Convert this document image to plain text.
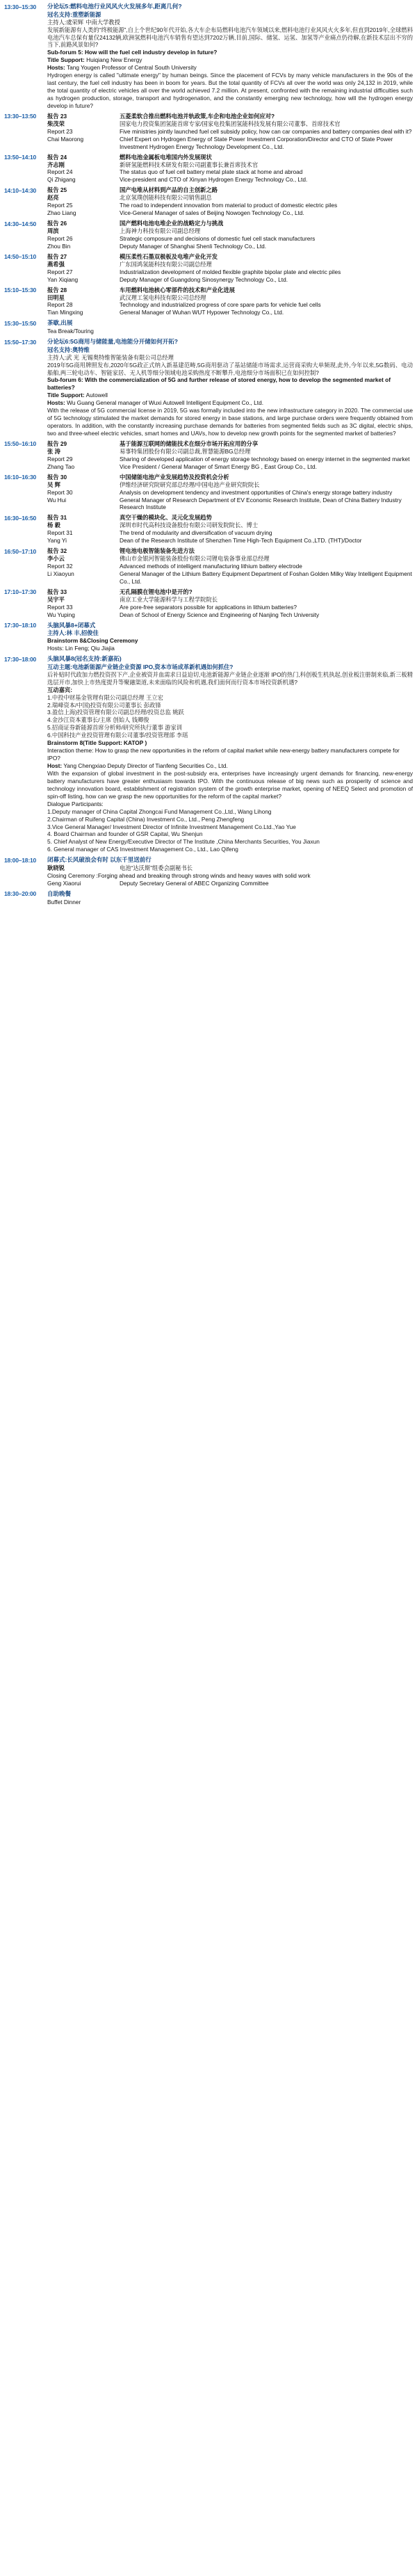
13:30–15:30	分论坛5:燃料电池行业风风火火发展多年,距离几何?
冠名支持:重塑新能源
主持人:虞荣辉 中南大学教授
发展新能源有人类的“终极能源”,自上个世纪90年代开始,各大车企布局燃料电池汽车领域以来,燃料电池行业风风火火多年,但直到2019年,全球燃料电池汽车总保有量仅24132辆,欧洲氢燃料电池汽车销售有望达到7202万辆,目前,国际、储氢、运氢、加氢等产业痛点仍待解,在新技术层出不穷的当下,前路风景如何?
Sub-forum 5: How will the fuel cell industry develop in future?
Title Support: Huiqiang New Energy
Hosts: Tang Yougen Professor of Central South University
Hydrogen energy is called "ultimate energy" by human beings. Since the placement of FCVs by many vehicle manufacturers in the 90s of the last century, the fuel cell industry has been in boom for years. But the total quantity of FCVs all over the world was only 24,132 in 2019, while the total quantity of electric vehicles all over the world achieved 7.2 million. At present, confronted with the remaining industrial difficulties such as hydrogen production, storage, transport and hydrogenation, and the constantly emerging new technology, how will the hydrogen energy develop in future?
13:30–13:50	报告 23	五菱柔软合推出燃料电池并轨政策,车企和电池企业如何应对?
柴茂荣	国家电力投资集团氢能首席专家/国家电投集团氢能科技发展有限公司董事、首席技术官
Report 23	Five ministries jointly launched fuel cell subsidy policy, how can car companies and battery companies deal with it?
Chai Maorong	Chief Expert on Hydrogen Energy of State Power Investment Corporation/Director and CTO of State Power Investment Hydrogen Energy Technology Development Co., Ltd.
13:50–14:10	报告 24	燃料电池金属板电堆国内外发展现状
齐志刚	新研氢能燃料技术研发有限公司副董事长兼首席技术官
Report 24	The status quo of fuel cell battery metal plate stack at home and abroad
Qi Zhigang	Vice-president and CTO of Xinyan Hydrogen Energy Technology Co., Ltd.
14:10–14:30	报告 25	国产电堆从材料到产品的自主创新之路
赵亮	北京氢璞创能科技有限公司销售副总
Report 25	The road to independent innovation from material to product of domestic electric piles
Zhao Liang	Vice-General Manager of sales of Beijing Nowogen Technology Co., Ltd.
14:30–14:50	报告 26	国产燃料电池电堆企业的战略定力与挑战
周滨	上海神力科技有限公司副总经理
Report 26	Strategic composure and decisions of domestic fuel cell stack manufacturers
Zhou Bin	Deputy Manager of Shanghai Shenli Technology Co., Ltd.
14:50–15:10	报告 27	模压柔性石墨双极板及电堆产业化开发
燕希强	广东国鸿氢能科技有限公司副总经理
Report 27	Industrialization development of molded flexible graphite bipolar plate and electric piles
Yan Xiqiang	Deputy Manager of Guangdong Sinosynergy Technology Co., Ltd.
15:10–15:30	报告 28	车用燃料电池核心零部件的技术和产业化进展
田明星	武汉理工氢电科技有限公司总经理
Report 28	Technology and industrialized progress of core spare parts for vehicle fuel cells
Tian Mingxing	General Manager of Wuhan WUT Hypower Technology Co., Ltd.
15:30–15:50	茶歇,出展
Tea Break/Touring
15:50–17:30	分论坛6:5G商用与储能量,电池能分开储如何开拓?
冠名支持:奥特维
主持人:武 光 无锡奥特维智能装备有限公司总经理
2019年5G商用牌照发布,2020年5G政正式纳入新基建范畴,5G商用驱动了基站储能市场需求,运营商采购大单频现,此外,今年以来,5G数码、电动船舶,两三轮电动车、智能家居、无人机等细分领域电池采购热度不断攀升,电池细分市场面积已在如何控制?
Sub-forum 6: With the commercialization of 5G and further release of stored energy, how to develop the segmented market of batteries?
Title Support: Autowell
Hosts: Wu Guang General manager of Wuxi Autowell Intelligent Equipment Co., Ltd.
With the release of 5G commercial license in 2019, 5G was formally included into the new infrastructure category in 2020. The commercial use of 5G technology stimulated the market demands for stored energy in base stations, and large purchase orders were frequently obtained from operators. In addition, with the constantly increasing purchase demands for batteries from segmented fields such as 3C digital, electric ships, two and three-wheel electric vehicles, smart homes and UAVs, how to develop new growth points for the segmented market of batteries?
15:50–16:10	报告 29	基于能源互联网的储能技术在细分市场开拓应用的分享
张 涛	易事特集团股份有限公司副总裁,智慧能源BG总经理
Report 29	Sharing of developed application of energy storage technology based on energy internet in the segmented market
Zhang Tao	Vice President / General Manager of Smart Energy BG , East Group Co., Ltd.
16:10–16:30	报告 30	中国储能电池产业发展趋势及投资机会分析
吴 辉	伊维经济研究院研究部总经理/中国电池产业研究院院长
Report 30	Analysis on development tendency and investment opportunities of China's energy storage battery industry
Wu Hui	General Manager of Research Department of EV Economic Research Institute, Dean of China Battery Industry Research Institute
16:30–16:50	报告 31	真空干燥的模块化、灵元化发展趋势
杨 毅	深圳市时代高科技设备股份有限公司研发院院长、博士
Report 31	The trend of modularity and diversification of vacuum drying
Yang Yi	Dean of the Research Institute of Shenzhen Time High-Tech Equipment Co.,LTD. (THT)/Doctor
16:50–17:10	报告 32	锂电池电极智能装备先进方法
李小云	佛山市金银河智能装备股份有限公司锂电装备事业部总经理
Report 32	Advanced methods of intelligent manufacturing lithium battery electrode
Li Xiaoyun	General Manager of the Lithium Battery Equipment Department of Foshan Golden Milky Way Intelligent Equipment Co., Ltd.
17:10–17:30	报告 33	无孔隔膜在锂电池中是开的?
吴宇平	南京工业大学能源科学与工程学院院长
Report 33	Are pore-free separators possible for applications in lithium batteries?
Wu Yuping	Dean of School of Energy Science and Engineering of Nanjing Tech University
17:30–18:10	头脑风暴8+闭幕式
主持人:林 丰,招俊佳
Brainstorm 8&Closing Ceremony
Hosts: Lin Feng; Qiu Jiajia
17:30–18:00	头脑风暴8(冠名支持:新嘉拓)
互动主题:电池新能源产业链企业资源 IPO,资本市场成革新机遇如何抓住?
后补贴时代政加力燃投资拐下产,企业被资并血需求日益迫切,电池新能源产业链企业逐渐 IPO的热门,科创板生机执起,创业板注册制来临,新三板精选层开市,加快上市热度提升等聚融渠道,未来面临的风险和机遇,我们面何而行资本市场投资新机遇?
互动嘉宾:
1.中投中财基金管理有限公司副总经理 王立宏
2.瑞峰资本/中国)投资有限公司董事长 彭政锋
3.盈信上海)投资管理有限公司副总经理/投资总监 姚跃
4.金沙江资本董事长/主席 创始人 钱卿俊
5.招商证券新能源首席分析师/研究所执行董事 游家训
6.中国科技产业投资管理有限公司董事/投资管理部 李瑶
Brainstorm 8(Title Support: KATOP )
Interaction theme: How to grasp the new opportunities in the reform of capital market while new-energy battery manufacturers compete for IPO?
Host: Yang Chengxiao Deputy Director of Tianfeng Securities Co., Ltd.
With the expansion of global investment in the post-subsidy era, enterprises have increasingly urgent demands for financing, new-energy battery manufacturers have greater enthusiasm towards IPO. With the continuous release of big news such as prosperity of science and technology innovation board, establishment of registration system of the growth enterprise market, opening of NEEQ Select and promotion of spin-off listing, how can we grasp the new opportunities for the reform of the capital market?
Dialogue Participants:
1.Deputy manager of China Capital Zhongcai Fund Management Co.,Ltd., Wang Lihong
2.Chairman of Ruifeng Capital (China) Investment Co., Ltd., Peng Zhengfeng
3.Vice General Manager/ Investment Director of Infinite Investment Management Co.Ltd.,Yao Yue
4. Board Chairman and founder of GSR Capital, Wu Shenjun
5. Chief Analyst of New Energy/Executive Director of The Institute ,China Merchants Securities, You Jiaxun
6. General manager of CAS Investment Management Co., Ltd., Lao Qifeng
18:00–18:10	闭幕式:长风破浪会有时 以东千里送前行
耿晓锐	电池“达沃斯”组委会副秘书长
Closing Ceremony :Forging ahead and breaking through strong winds and heavy waves with solid work
Geng Xiaorui	Deputy Secretary General of ABEC Organizing Committee
18:30–20:00	自助晚餐
Buffet Dinner
